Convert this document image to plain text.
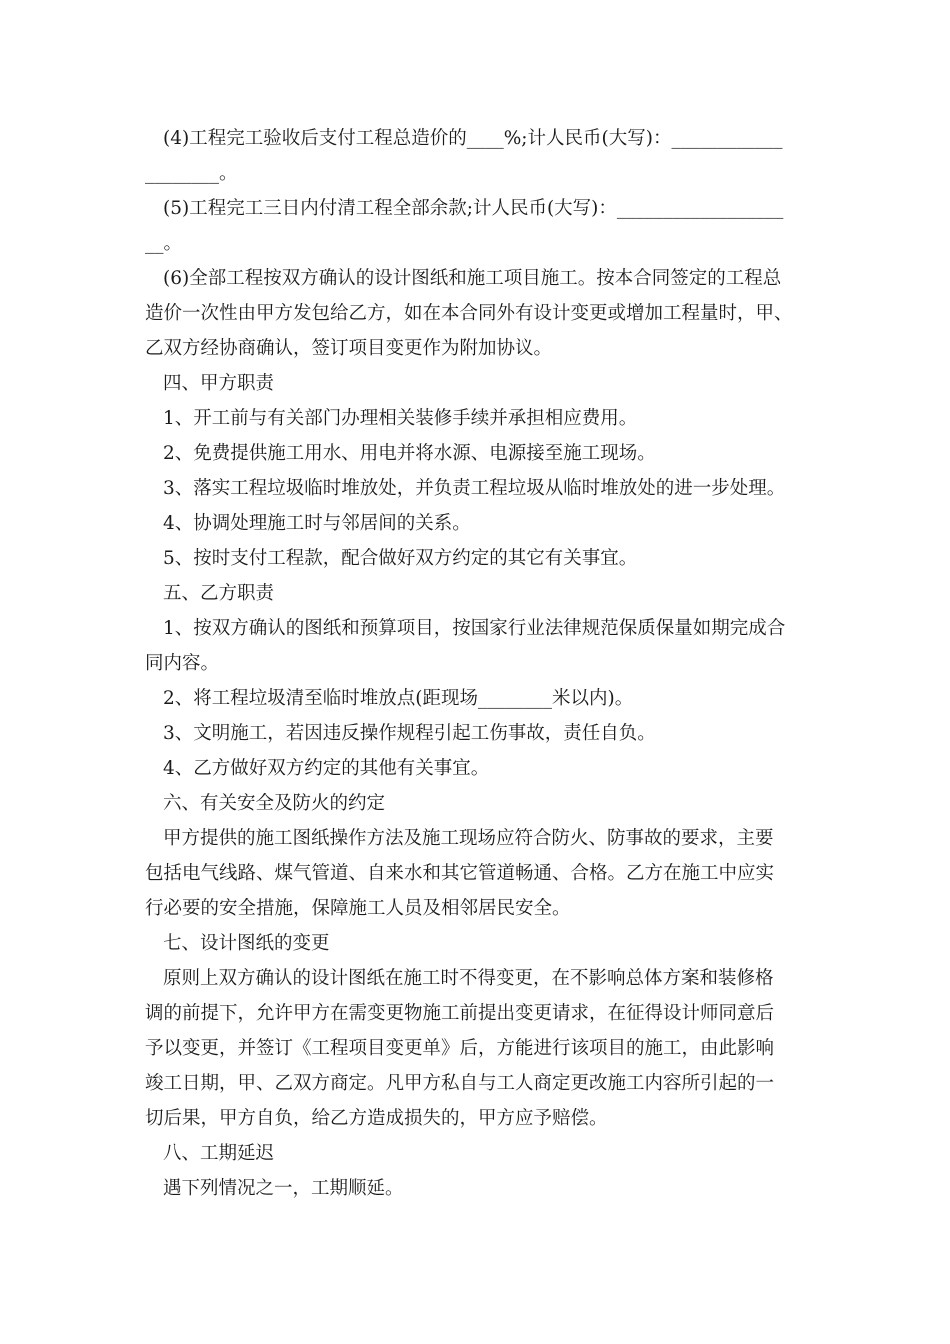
(4)工程完工验收后支付工程总造价的____%;计人民币(大写)：____________
________。
(5)工程完工三日内付清工程全部余款;计人民币(大写)：__________________
__。
(6)全部工程按双方确认的设计图纸和施工项目施工。按本合同签定的工程总
造价一次性由甲方发包给乙方，如在本合同外有设计变更或增加工程量时，甲、
乙双方经协商确认，签订项目变更作为附加协议。
四、甲方职责
1、开工前与有关部门办理相关装修手续并承担相应费用。
2、免费提供施工用水、用电并将水源、电源接至施工现场。
3、落实工程垃圾临时堆放处，并负责工程垃圾从临时堆放处的进一步处理。
4、协调处理施工时与邻居间的关系。
5、按时支付工程款，配合做好双方约定的其它有关事宜。
五、乙方职责
1、按双方确认的图纸和预算项目，按国家行业法律规范保质保量如期完成合
同内容。
2、将工程垃圾清至临时堆放点(距现场________米以内)。
3、文明施工，若因违反操作规程引起工伤事故，责任自负。
4、乙方做好双方约定的其他有关事宜。
六、有关安全及防火的约定
甲方提供的施工图纸操作方法及施工现场应符合防火、防事故的要求，主要
包括电气线路、煤气管道、自来水和其它管道畅通、合格。乙方在施工中应实
行必要的安全措施，保障施工人员及相邻居民安全。
七、设计图纸的变更
原则上双方确认的设计图纸在施工时不得变更，在不影响总体方案和装修格
调的前提下，允许甲方在需变更物施工前提出变更请求，在征得设计师同意后
予以变更，并签订《工程项目变更单》后，方能进行该项目的施工，由此影响
竣工日期，甲、乙双方商定。凡甲方私自与工人商定更改施工内容所引起的一
切后果，甲方自负，给乙方造成损失的，甲方应予赔偿。
八、工期延迟
遇下列情况之一，工期顺延。
